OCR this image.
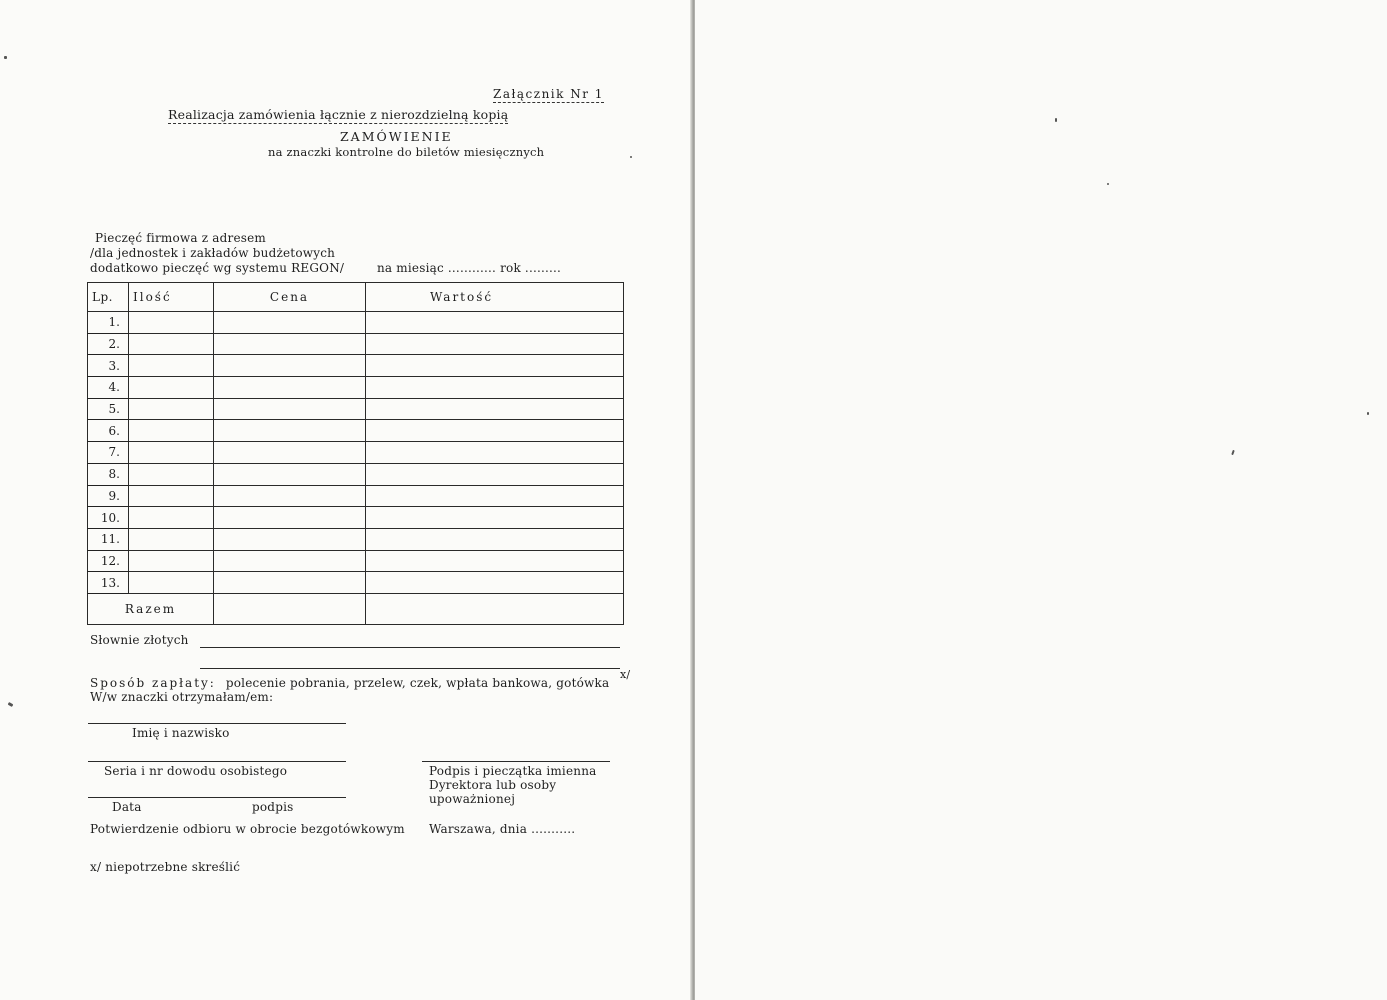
Załącznik Nr 1
Realizacja zamówienia łącznie z nierozdzielną kopią
ZAMÓWIENIE
na znaczki kontrolne do biletów miesięcznych
Pieczęć firmowa z adresem
/dla jednostek i zakładów budżetowych
dodatkowo pieczęć wg systemu REGON/	na miesiąc ............ rok .........
Lp.	Ilość	Cena	Wartość
1.			
2.			
3.			
4.			
5.			
6.			
7.			
8.			
9.			
10.			
11.			
12.			
13.			
Razem			
Słownie złotych
Sposób zapłaty: polecenie pobrania, przelew, czek, wpłata bankowa, gotówka
x/
W/w znaczki otrzymałam/em:
Imię i nazwisko
Seria i nr dowodu osobistego	Podpis i pieczątka imienna
Dyrektora lub osoby
upoważnionej
Data	podpis
Potwierdzenie odbioru w obrocie bezgotówkowym Warszawa, dnia ...........
x/ niepotrzebne skreślić
